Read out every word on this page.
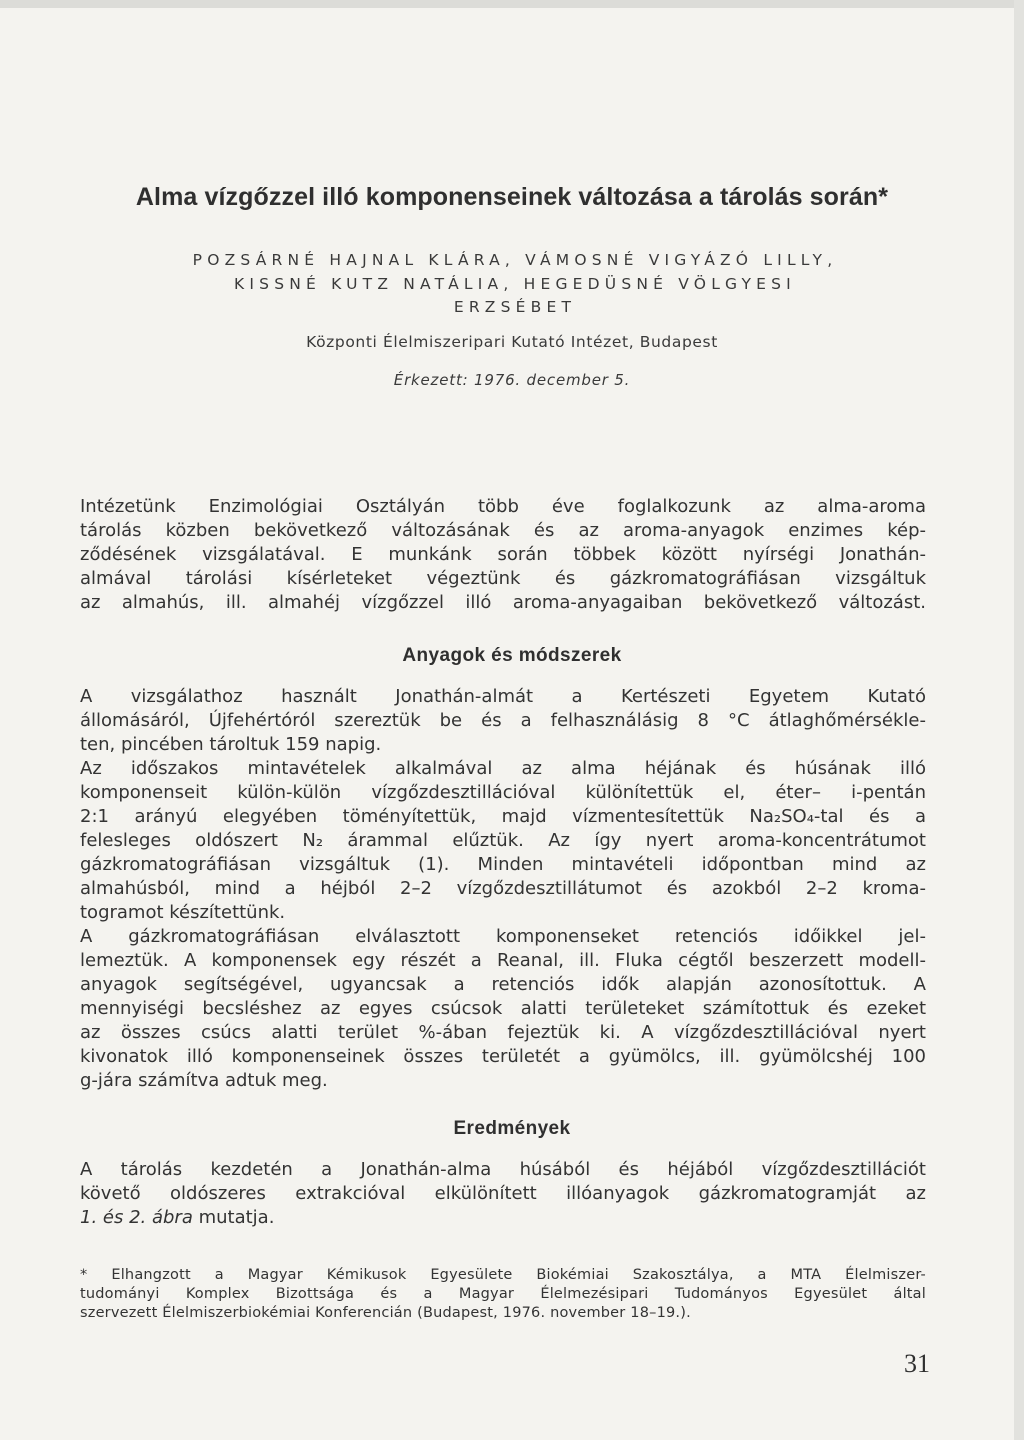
Alma vízgőzzel illó komponenseinek változása a tárolás során*
POZSÁRNÉ HAJNAL KLÁRA, VÁMOSNÉ VIGYÁZÓ LILLY,
KISSNÉ KUTZ NATÁLIA, HEGEDÜSNÉ VÖLGYESI
ERZSÉBET
Központi Élelmiszeripari Kutató Intézet, Budapest
Érkezett: 1976. december 5.
Intézetünk Enzimológiai Osztályán több éve foglalkozunk az alma-aroma
tárolás közben bekövetkező változásának és az aroma-anyagok enzimes kép-
ződésének vizsgálatával. E munkánk során többek között nyírségi Jonathán-
almával tárolási kísérleteket végeztünk és gázkromatográfiásan vizsgáltuk
az almahús, ill. almahéj vízgőzzel illó aroma-anyagaiban bekövetkező változást.
Anyagok és módszerek
A vizsgálathoz használt Jonathán-almát a Kertészeti Egyetem Kutató
állomásáról, Újfehértóról szereztük be és a felhasználásig 8 °C átlaghőmérsékle-
ten, pincében tároltuk 159 napig.
Az időszakos mintavételek alkalmával az alma héjának és húsának illó
komponenseit külön-külön vízgőzdesztillációval különítettük el, éter– i-pentán
2:1 arányú elegyében töményítettük, majd vízmentesítettük Na₂SO₄-tal és a
felesleges oldószert N₂ árammal elűztük. Az így nyert aroma-koncentrátumot
gázkromatográfiásan vizsgáltuk (1). Minden mintavételi időpontban mind az
almahúsból, mind a héjból 2–2 vízgőzdesztillátumot és azokból 2–2 kroma-
togramot készítettünk.
A gázkromatográfiásan elválasztott komponenseket retenciós időikkel jel-
lemeztük. A komponensek egy részét a Reanal, ill. Fluka cégtől beszerzett modell-
anyagok segítségével, ugyancsak a retenciós idők alapján azonosítottuk. A
mennyiségi becsléshez az egyes csúcsok alatti területeket számítottuk és ezeket
az összes csúcs alatti terület %-ában fejeztük ki. A vízgőzdesztillációval nyert
kivonatok illó komponenseinek összes területét a gyümölcs, ill. gyümölcshéj 100
g-jára számítva adtuk meg.
Eredmények
A tárolás kezdetén a Jonathán-alma húsából és héjából vízgőzdesztillációt
követő oldószeres extrakcióval elkülönített illóanyagok gázkromatogramját az
1. és 2. ábra mutatja.
* Elhangzott a Magyar Kémikusok Egyesülete Biokémiai Szakosztálya, a MTA Élelmiszer-
tudományi Komplex Bizottsága és a Magyar Élelmezésipari Tudományos Egyesület által
szervezett Élelmiszerbiokémiai Konferencián (Budapest, 1976. november 18–19.).
31
